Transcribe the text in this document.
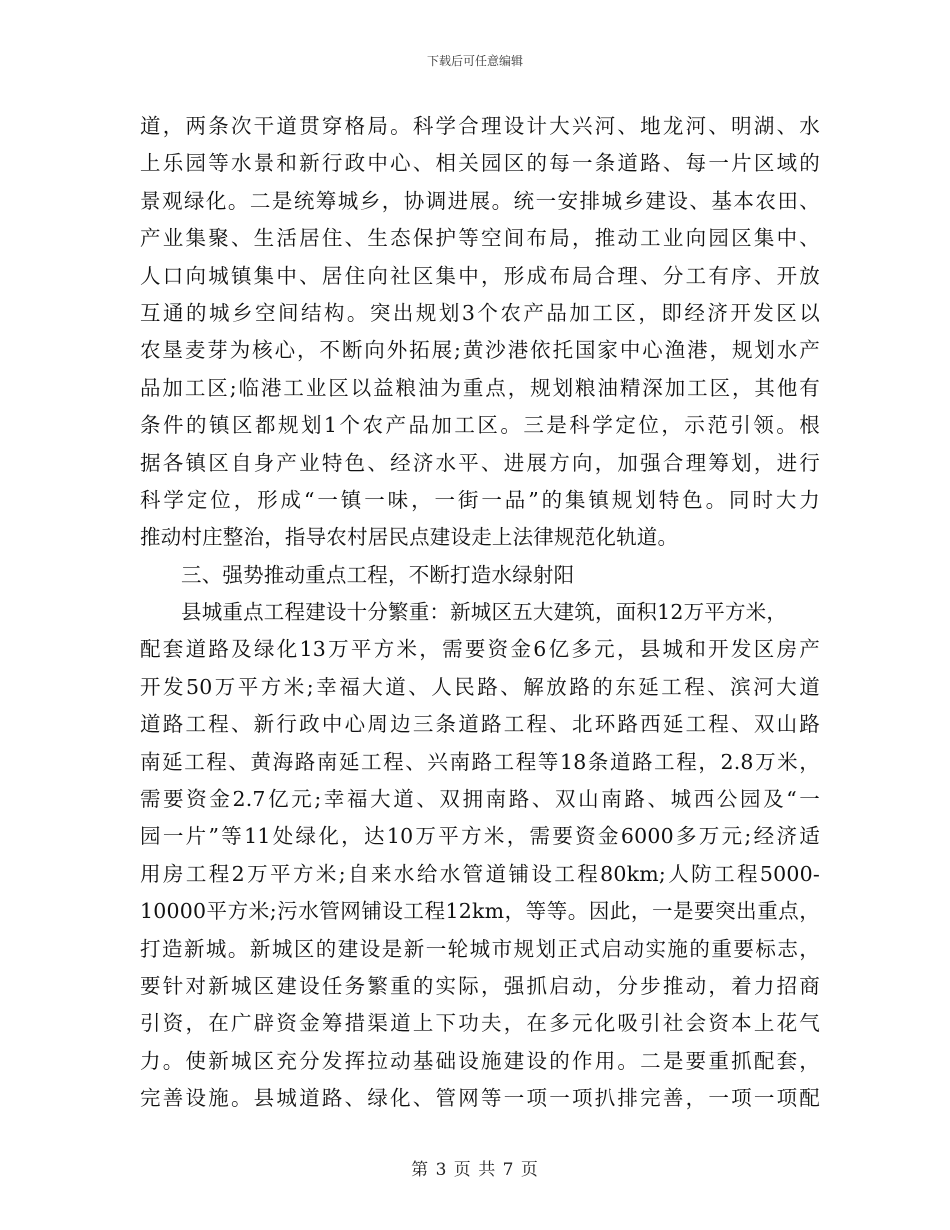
下载后可任意编辑
道，两条次干道贯穿格局。科学合理设计大兴河、地龙河、明湖、水
上乐园等水景和新行政中心、相关园区的每一条道路、每一片区域的
景观绿化。二是统筹城乡，协调进展。统一安排城乡建设、基本农田、
产业集聚、生活居住、生态保护等空间布局，推动工业向园区集中、
人口向城镇集中、居住向社区集中，形成布局合理、分工有序、开放
互通的城乡空间结构。突出规划3个农产品加工区，即经济开发区以
农垦麦芽为核心，不断向外拓展;黄沙港依托国家中心渔港，规划水产
品加工区;临港工业区以益粮油为重点，规划粮油精深加工区，其他有
条件的镇区都规划1个农产品加工区。三是科学定位，示范引领。根
据各镇区自身产业特色、经济水平、进展方向，加强合理筹划，进行
科学定位，形成“一镇一味，一街一品”的集镇规划特色。同时大力
推动村庄整治，指导农村居民点建设走上法律规范化轨道。
三、强势推动重点工程，不断打造水绿射阳
县城重点工程建设十分繁重：新城区五大建筑，面积12万平方米，
配套道路及绿化13万平方米，需要资金6亿多元，县城和开发区房产
开发50万平方米;幸福大道、人民路、解放路的东延工程、滨河大道
道路工程、新行政中心周边三条道路工程、北环路西延工程、双山路
南延工程、黄海路南延工程、兴南路工程等18条道路工程，2.8万米，
需要资金2.7亿元;幸福大道、双拥南路、双山南路、城西公园及“一
园一片”等11处绿化，达10万平方米，需要资金6000多万元;经济适
用房工程2万平方米;自来水给水管道铺设工程80km;人防工程5000-
10000平方米;污水管网铺设工程12km，等等。因此，一是要突出重点，
打造新城。新城区的建设是新一轮城市规划正式启动实施的重要标志，
要针对新城区建设任务繁重的实际，强抓启动，分步推动，着力招商
引资，在广辟资金筹措渠道上下功夫，在多元化吸引社会资本上花气
力。使新城区充分发挥拉动基础设施建设的作用。二是要重抓配套，
完善设施。县城道路、绿化、管网等一项一项扒排完善，一项一项配
第 3 页 共 7 页
